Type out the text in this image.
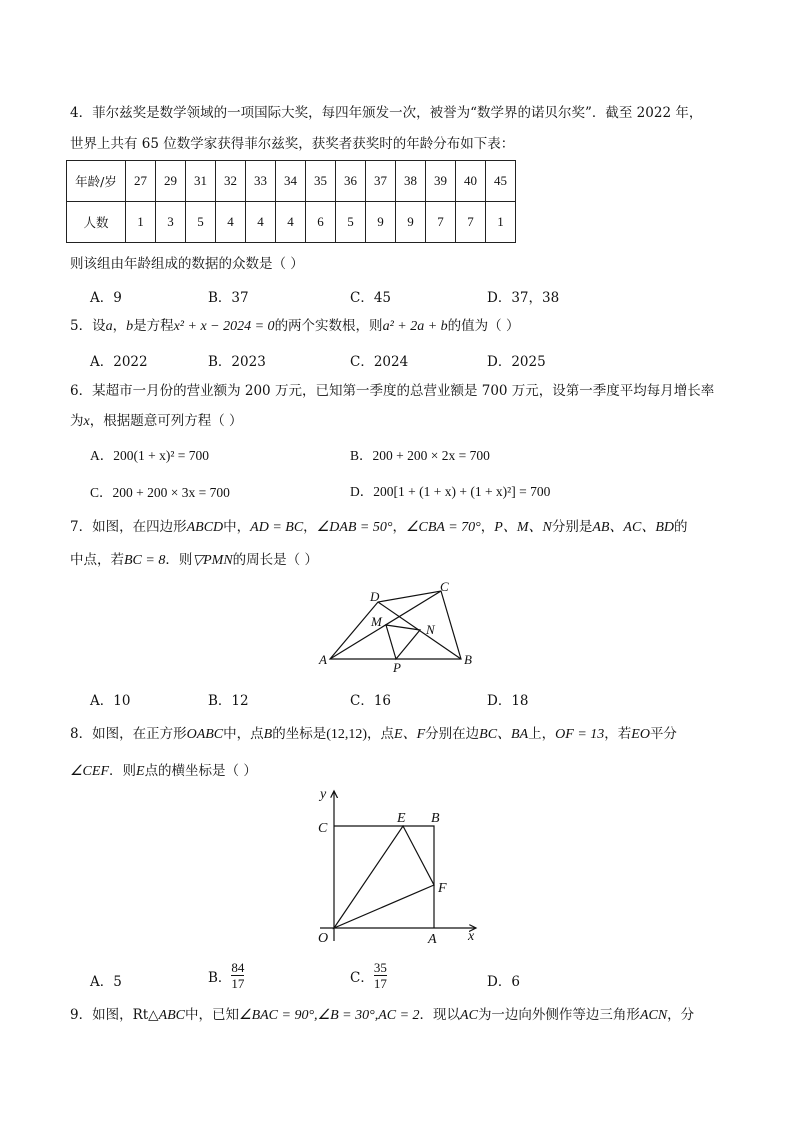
4．菲尔兹奖是数学领域的一项国际大奖，每四年颁发一次，被誉为“数学界的诺贝尔奖”．截至 2022 年，
世界上共有 65 位数学家获得菲尔兹奖，获奖者获奖时的年龄分布如下表：
年龄/岁	27	29	31	32	33	34	35	36	37	38	39	40	45
人数	1	3	5	4	4	4	6	5	9	9	7	7	1
则该组由年龄组成的数据的众数是（ ）
A．9	B．37	C．45	D．37，38
5．设a，b是方程x² + x − 2024 = 0的两个实数根，则a² + 2a + b的值为（ ）
A．2022	B．2023	C．2024	D．2025
6．某超市一月份的营业额为 200 万元，已知第一季度的总营业额是 700 万元，设第一季度平均每月增长率
为x，根据题意可列方程（ ）
A．200(1 + x)² = 700	B．200 + 200 × 2x = 700
C．200 + 200 × 3x = 700	D．200[1 + (1 + x) + (1 + x)²] = 700
7．如图，在四边形ABCD中，AD = BC，∠DAB = 50°，∠CBA = 70°，P、M、N分别是AB、AC、BD的
中点，若BC = 8．则▽PMN的周长是（ ）
D
C
M
N
A
P
B
A．10	B．12	C．16	D．18
8．如图，在正方形OABC中，点B的坐标是(12,12)，点E、F分别在边BC、BA上，OF = 13，若EO平分
∠CEF．则E点的横坐标是（ ）
y
C
E B
F
O	A x
A．5	B． $\frac{84}{17}$	C． $\frac{35}{17}$	D．6
9．如图，Rt△ABC中，已知∠BAC = 90°,∠B = 30°,AC = 2．现以AC为一边向外侧作等边三角形ACN，分
